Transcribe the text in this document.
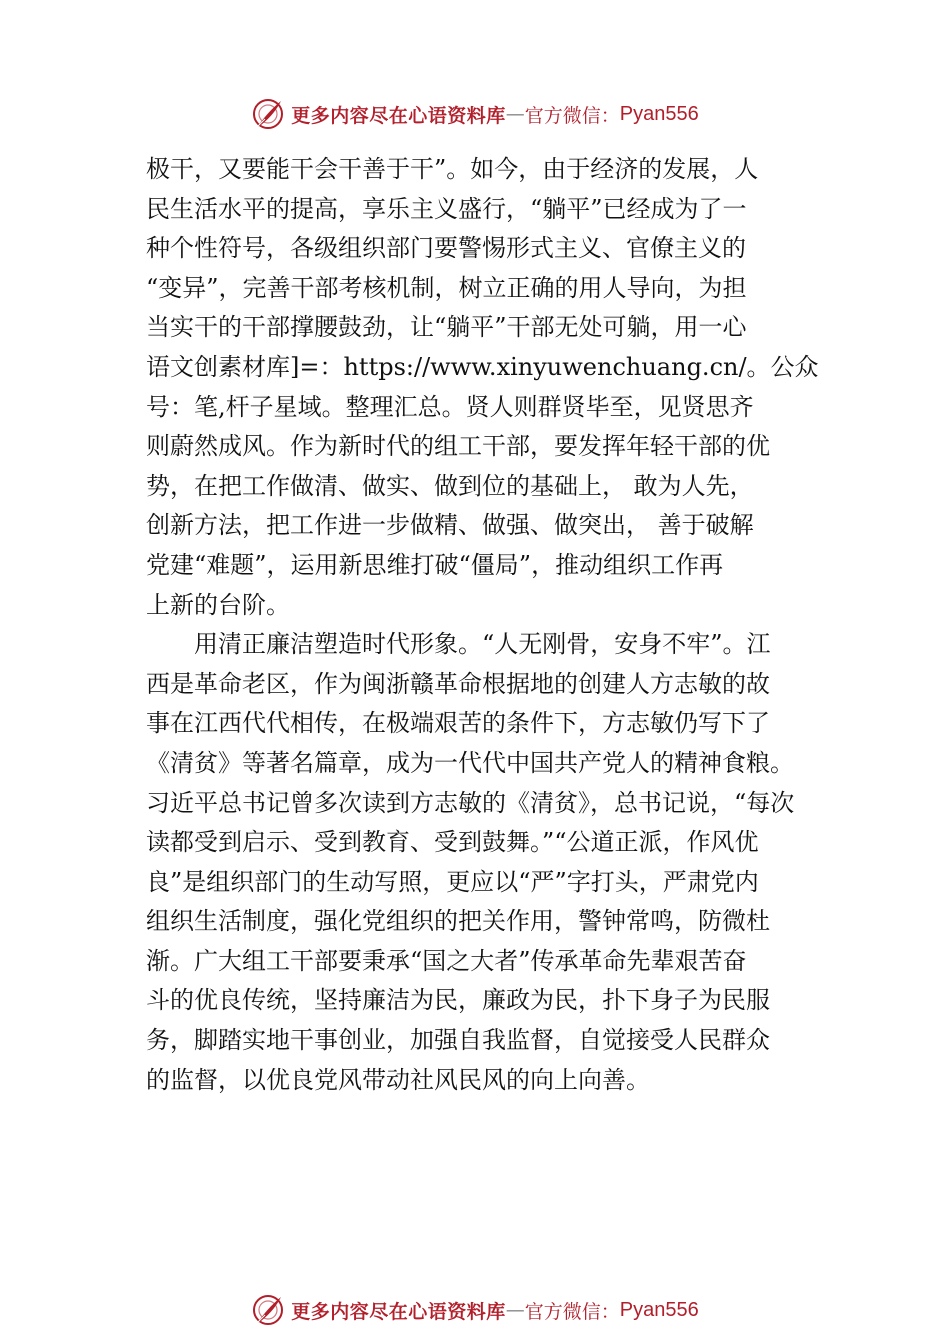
更多内容尽在心语资料库 — 官方微信： Pyan556
极干，又要能干会干善于干”。如今，由于经济的发展，人
民生活水平的提高，享乐主义盛行，“躺平”已经成为了一
种个性符号，各级组织部门要警惕形式主义、官僚主义的
“变异”，完善干部考核机制，树立正确的用人导向，为担
当实干的干部撑腰鼓劲，让“躺平”干部无处可躺，用一心
语文创素材库]=：https://www.xinyuwenchuang.cn/。公众
号：笔,杆子星域。整理汇总。贤人则群贤毕至，见贤思齐
则蔚然成风。作为新时代的组工干部，要发挥年轻干部的优
势，在把工作做清、做实、做到位的基础上， 敢为人先，
创新方法，把工作进一步做精、做强、做突出， 善于破解
党建“难题”，运用新思维打破“僵局”，推动组织工作再
上新的台阶。
　　用清正廉洁塑造时代形象。“人无刚骨，安身不牢”。江
西是革命老区，作为闽浙赣革命根据地的创建人方志敏的故
事在江西代代相传，在极端艰苦的条件下，方志敏仍写下了
《清贫》等著名篇章，成为一代代中国共产党人的精神食粮。
习近平总书记曾多次读到方志敏的《清贫》，总书记说，“每次
读都受到启示、受到教育、受到鼓舞。”“公道正派，作风优
良”是组织部门的生动写照，更应以“严”字打头，严肃党内
组织生活制度，强化党组织的把关作用，警钟常鸣，防微杜
渐。广大组工干部要秉承“国之大者”传承革命先辈艰苦奋
斗的优良传统，坚持廉洁为民，廉政为民，扑下身子为民服
务，脚踏实地干事创业，加强自我监督，自觉接受人民群众
的监督，以优良党风带动社风民风的向上向善。
更多内容尽在心语资料库 — 官方微信： Pyan556
